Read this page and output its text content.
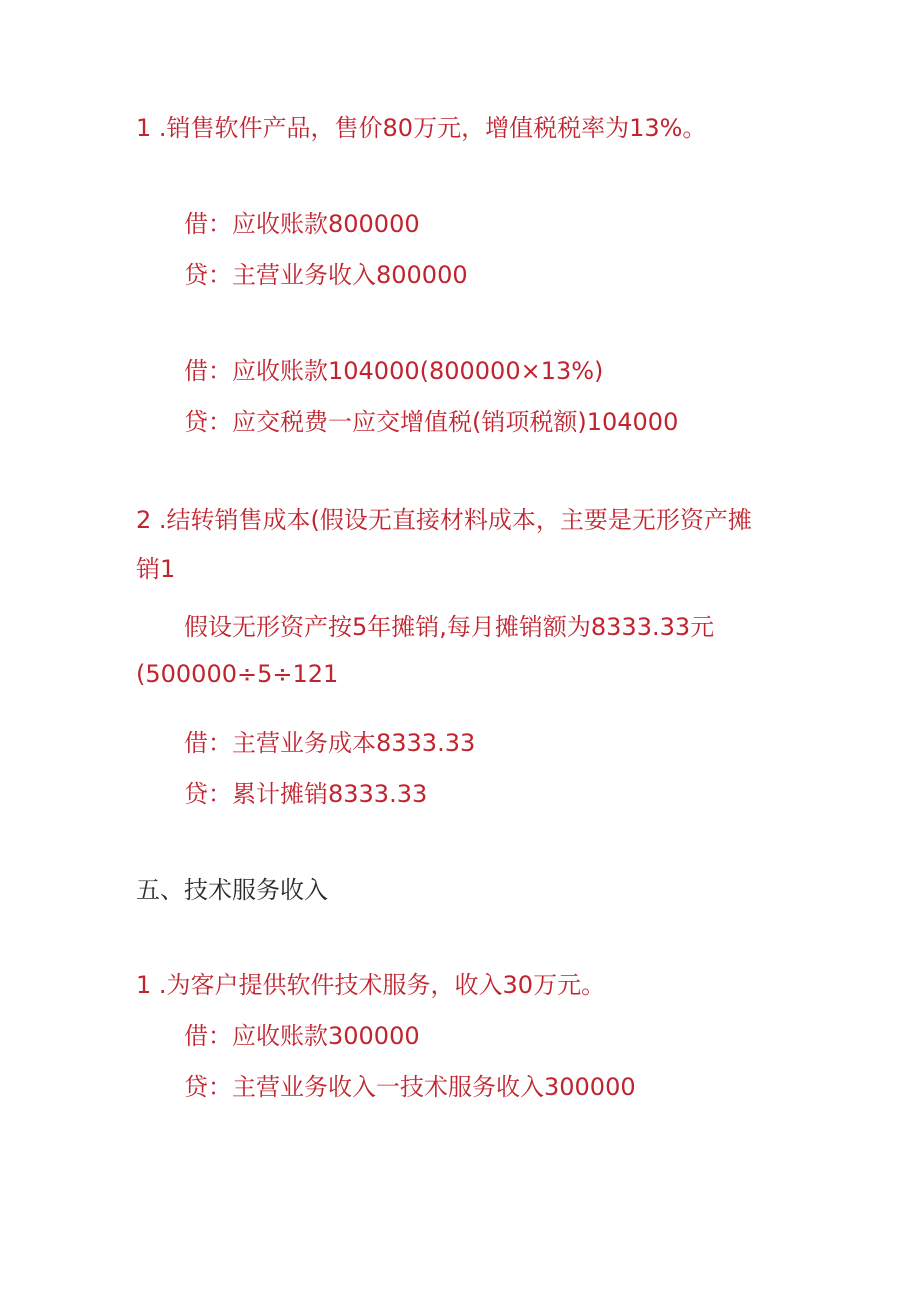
1 .销售软件产品，售价80万元，增值税税率为13%。

借：应收账款800000

贷：主营业务收入800000

借：应收账款104000(800000×13%)

贷：应交税费一应交增值税(销项税额)104000

2 .结转销售成本(假设无直接材料成本，主要是无形资产摊

销1

假设无形资产按5年摊销,每月摊销额为8333.33元

(500000÷5÷121

借：主营业务成本8333.33

贷：累计摊销8333.33

五、技术服务收入

1 .为客户提供软件技术服务，收入30万元。

借：应收账款300000

贷：主营业务收入一技术服务收入300000
